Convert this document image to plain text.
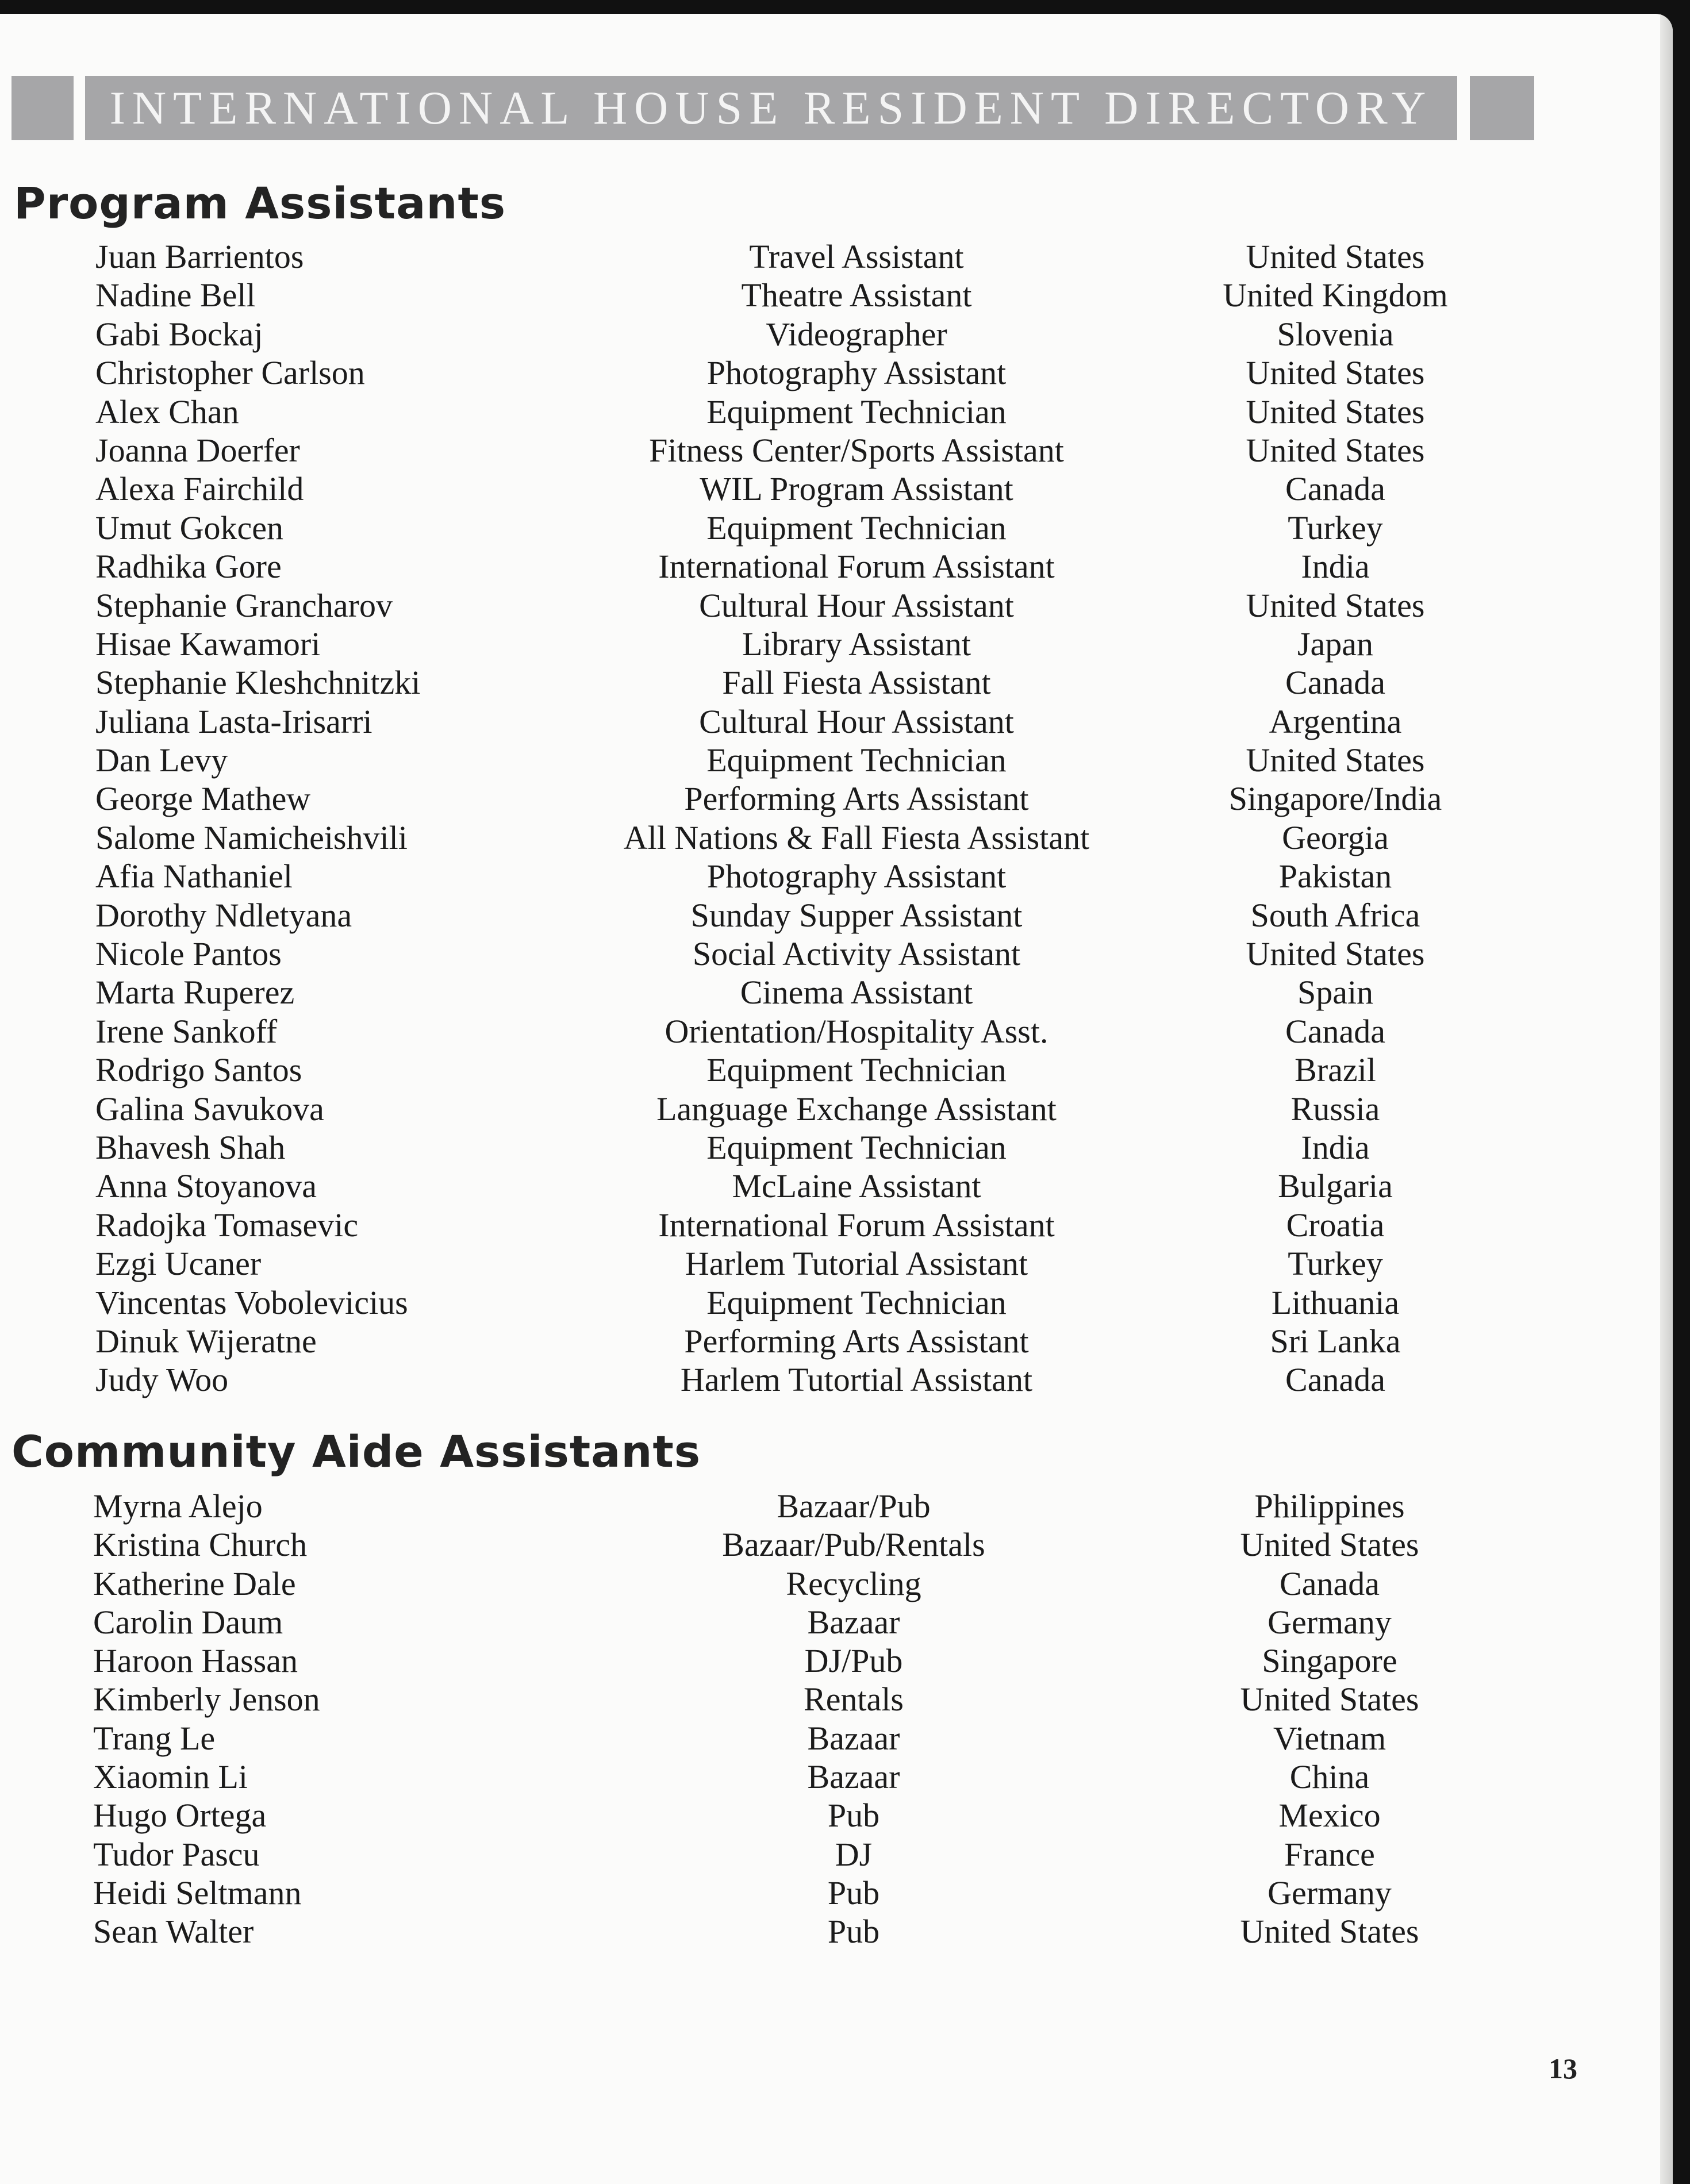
INTERNATIONAL HOUSE RESIDENT DIRECTORY
Program Assistants
Juan Barrientos	Travel Assistant	United States
Nadine Bell	Theatre Assistant	United Kingdom
Gabi Bockaj	Videographer	Slovenia
Christopher Carlson	Photography Assistant	United States
Alex Chan	Equipment Technician	United States
Joanna Doerfer	Fitness Center/Sports Assistant	United States
Alexa Fairchild	WIL Program Assistant	Canada
Umut Gokcen	Equipment Technician	Turkey
Radhika Gore	International Forum Assistant	India
Stephanie Grancharov	Cultural Hour Assistant	United States
Hisae Kawamori	Library Assistant	Japan
Stephanie Kleshchnitzki	Fall Fiesta Assistant	Canada
Juliana Lasta-Irisarri	Cultural Hour Assistant	Argentina
Dan Levy	Equipment Technician	United States
George Mathew	Performing Arts Assistant	Singapore/India
Salome Namicheishvili	All Nations & Fall Fiesta Assistant	Georgia
Afia Nathaniel	Photography Assistant	Pakistan
Dorothy Ndletyana	Sunday Supper Assistant	South Africa
Nicole Pantos	Social Activity Assistant	United States
Marta Ruperez	Cinema Assistant	Spain
Irene Sankoff	Orientation/Hospitality Asst.	Canada
Rodrigo Santos	Equipment Technician	Brazil
Galina Savukova	Language Exchange Assistant	Russia
Bhavesh Shah	Equipment Technician	India
Anna Stoyanova	McLaine Assistant	Bulgaria
Radojka Tomasevic	International Forum Assistant	Croatia
Ezgi Ucaner	Harlem Tutorial Assistant	Turkey
Vincentas Vobolevicius	Equipment Technician	Lithuania
Dinuk Wijeratne	Performing Arts Assistant	Sri Lanka
Judy Woo	Harlem Tutortial Assistant	Canada
Community Aide Assistants
Myrna Alejo	Bazaar/Pub	Philippines
Kristina Church	Bazaar/Pub/Rentals	United States
Katherine Dale	Recycling	Canada
Carolin Daum	Bazaar	Germany
Haroon Hassan	DJ/Pub	Singapore
Kimberly Jenson	Rentals	United States
Trang Le	Bazaar	Vietnam
Xiaomin Li	Bazaar	China
Hugo Ortega	Pub	Mexico
Tudor Pascu	DJ	France
Heidi Seltmann	Pub	Germany
Sean Walter	Pub	United States
13
